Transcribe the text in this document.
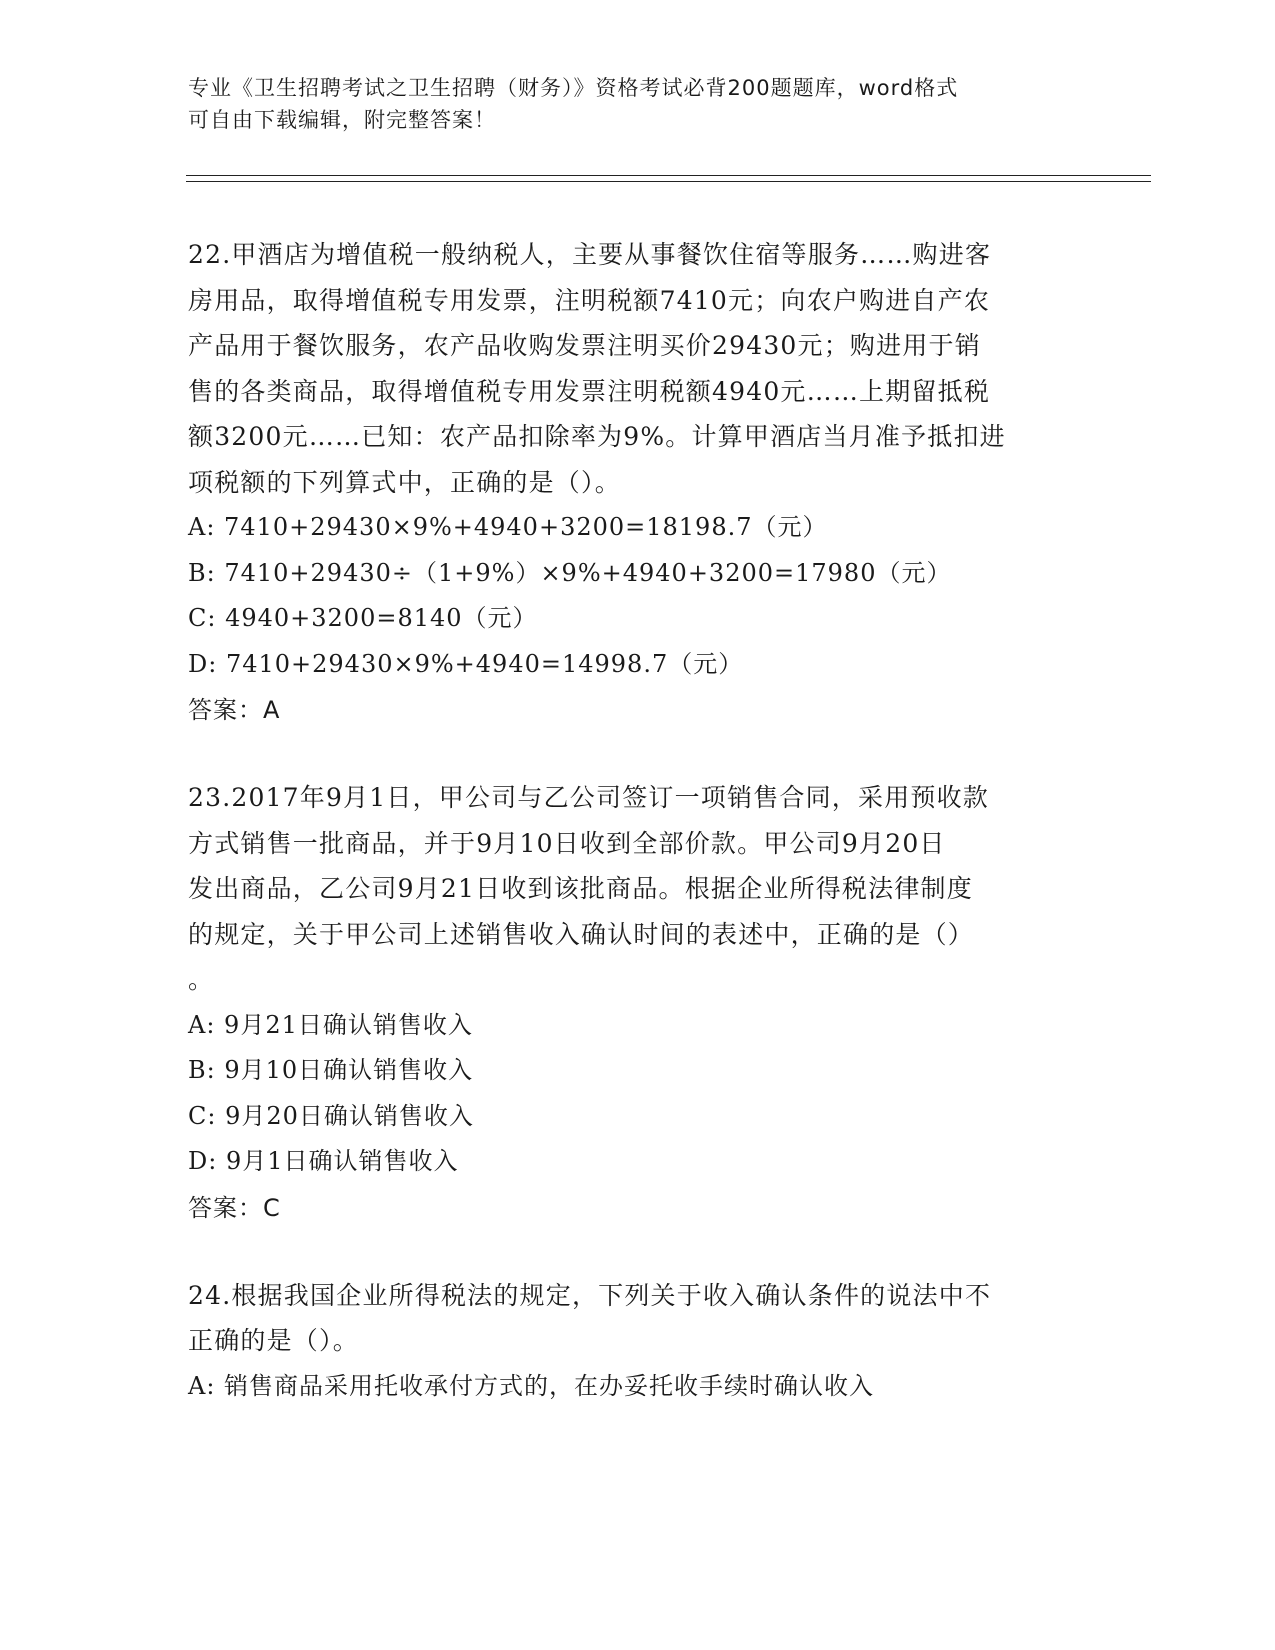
专业《卫生招聘考试之卫生招聘（财务）》资格考试必背200题题库，word格式
可自由下载编辑，附完整答案！
22.甲酒店为增值税一般纳税人，主要从事餐饮住宿等服务……购进客
房用品，取得增值税专用发票，注明税额7410元；向农户购进自产农
产品用于餐饮服务，农产品收购发票注明买价29430元；购进用于销
售的各类商品，取得增值税专用发票注明税额4940元……上期留抵税
额3200元……已知：农产品扣除率为9%。计算甲酒店当月准予抵扣进
项税额的下列算式中，正确的是（）。
A: 7410+29430×9%+4940+3200=18198.7（元）
B: 7410+29430÷（1+9%）×9%+4940+3200=17980（元）
C: 4940+3200=8140（元）
D: 7410+29430×9%+4940=14998.7（元）
答案：A
23.2017年9月1日，甲公司与乙公司签订一项销售合同，采用预收款
方式销售一批商品，并于9月10日收到全部价款。甲公司9月20日
发出商品，乙公司9月21日收到该批商品。根据企业所得税法律制度
的规定，关于甲公司上述销售收入确认时间的表述中，正确的是（）
。
A: 9月21日确认销售收入
B: 9月10日确认销售收入
C: 9月20日确认销售收入
D: 9月1日确认销售收入
答案：C
24.根据我国企业所得税法的规定，下列关于收入确认条件的说法中不
正确的是（）。
A: 销售商品采用托收承付方式的，在办妥托收手续时确认收入
